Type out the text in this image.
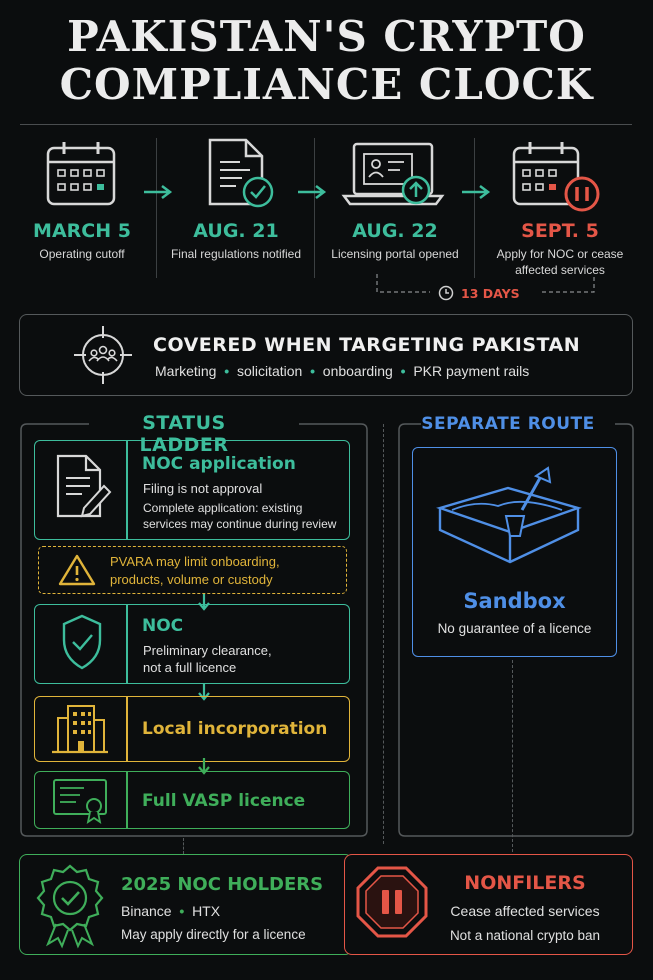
PAKISTAN'S CRYPTO
COMPLIANCE CLOCK
MARCH 5
Operating cutoff
AUG. 21
Final regulations notified
AUG. 22
Licensing portal opened
SEPT. 5
Apply for NOC or cease
affected services
13 DAYS
COVERED WHEN TARGETING PAKISTAN
Marketing  •  solicitation  •  onboarding  •  PKR payment rails
STATUS LADDER
NOC application
Filing is not approval
Complete application: existing
services may continue during review
PVARA may limit onboarding,
products, volume or custody
NOC
Preliminary clearance,
not a full licence
Local incorporation
Full VASP licence
SEPARATE ROUTE
Sandbox
No guarantee of a licence
2025 NOC HOLDERS
Binance  •  HTX
May apply directly for a licence
NONFILERS
Cease affected services
Not a national crypto ban
